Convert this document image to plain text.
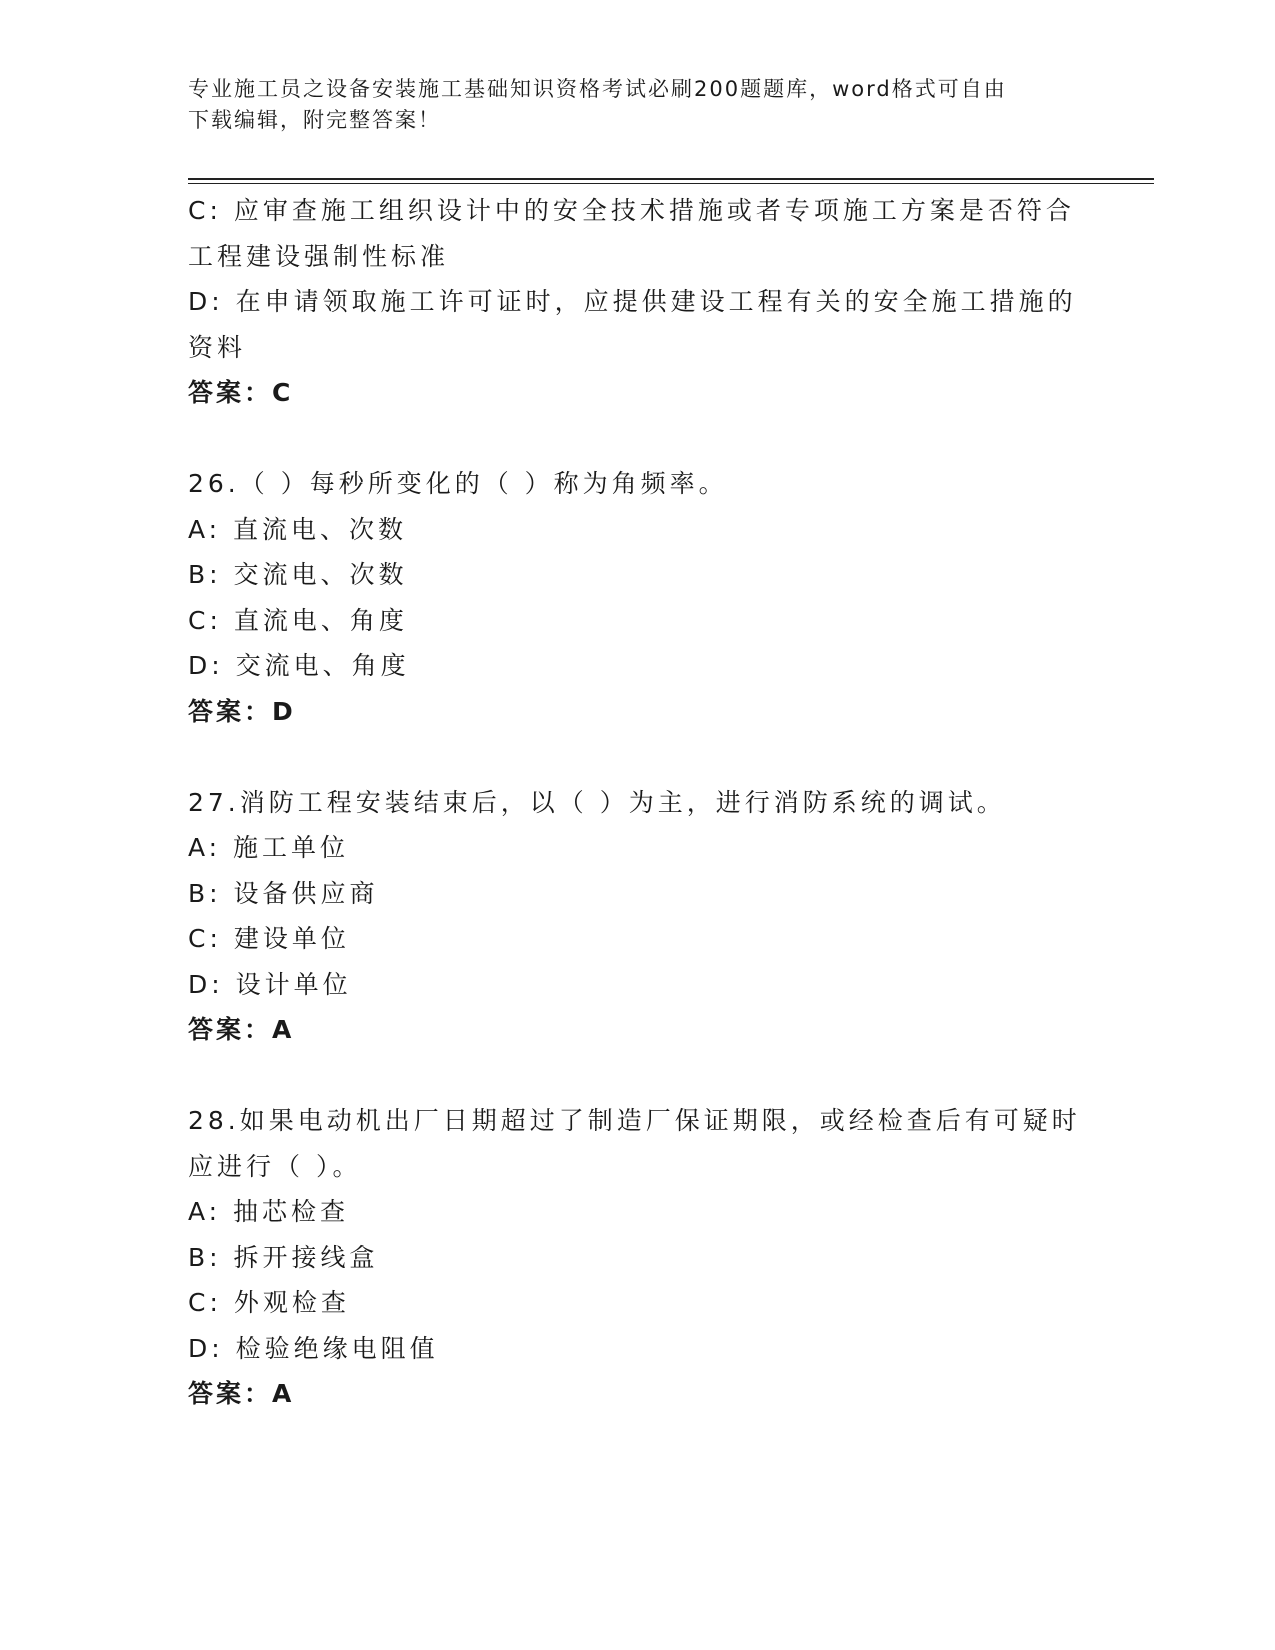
专业施工员之设备安装施工基础知识资格考试必刷200题题库，word格式可自由
下载编辑，附完整答案！
C: 应审查施工组织设计中的安全技术措施或者专项施工方案是否符合
工程建设强制性标准
D: 在申请领取施工许可证时，应提供建设工程有关的安全施工措施的
资料
答案：C
26.（ ）每秒所变化的（ ）称为角频率。
A: 直流电、次数
B: 交流电、次数
C: 直流电、角度
D: 交流电、角度
答案：D
27.消防工程安装结束后，以（ ）为主，进行消防系统的调试。
A: 施工单位
B: 设备供应商
C: 建设单位
D: 设计单位
答案：A
28.如果电动机出厂日期超过了制造厂保证期限，或经检查后有可疑时
应进行（ ）。
A: 抽芯检查
B: 拆开接线盒
C: 外观检查
D: 检验绝缘电阻值
答案：A
